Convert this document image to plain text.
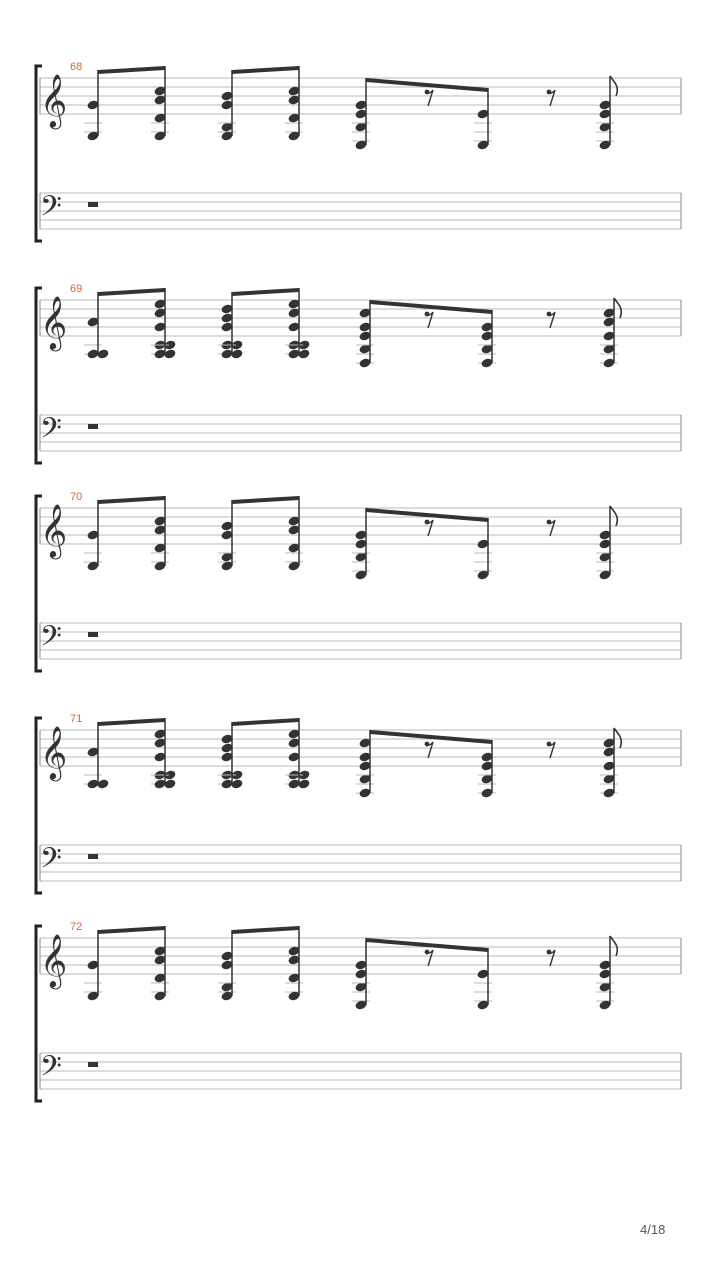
68
𝄞
𝄢
69
𝄞
𝄢
70
𝄞
𝄢
71
𝄞
𝄢
72
𝄞
𝄢
4/18
